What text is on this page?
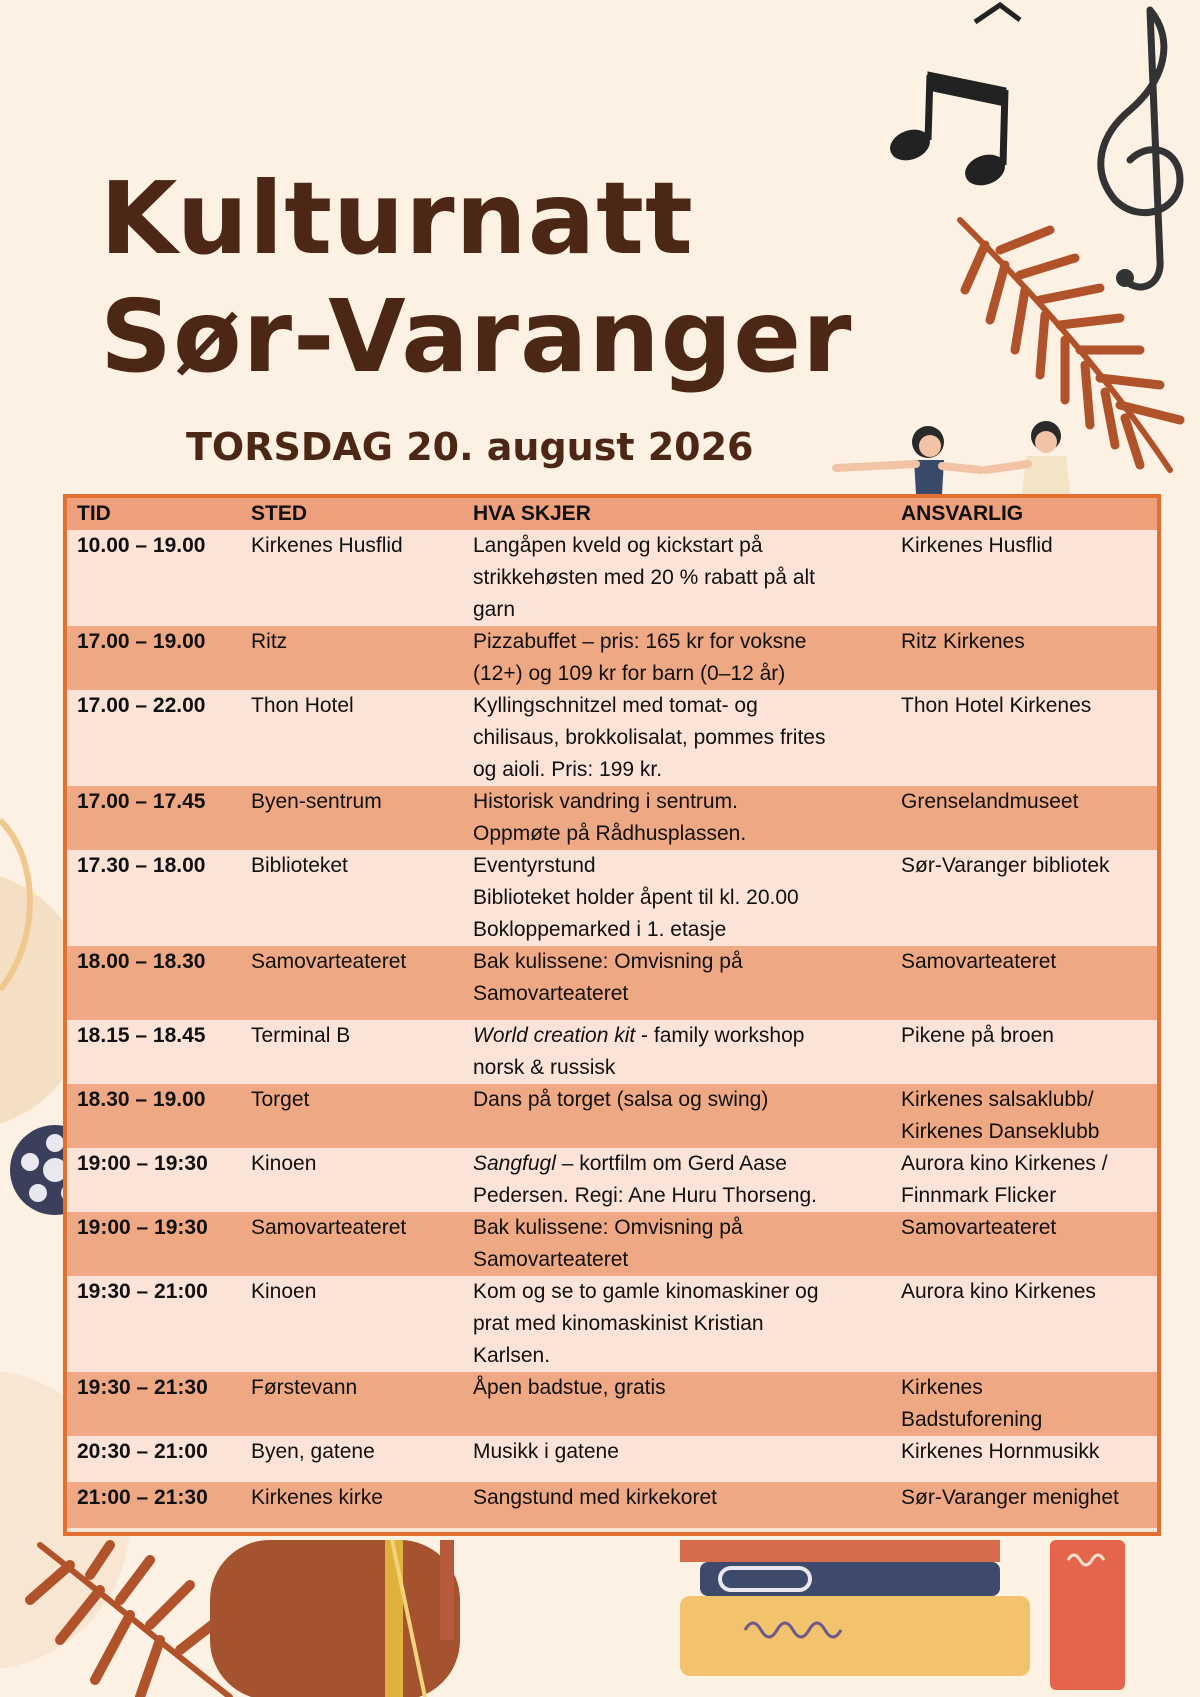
Kulturnatt
Sør-Varanger
TORSDAG 20. august 2026
TID	STED	HVA SKJER	ANSVARLIG
10.00 – 19.00	Kirkenes Husflid	Langåpen kveld og kickstart på
strikkehøsten med 20 % rabatt på alt
garn	Kirkenes Husflid

17.00 – 19.00	Ritz	Pizzabuffet – pris: 165 kr for voksne
(12+) og 109 kr for barn (0–12 år)	Ritz Kirkenes

17.00 – 22.00	Thon Hotel	Kyllingschnitzel med tomat- og
chilisaus, brokkolisalat, pommes frites
og aioli. Pris: 199 kr.	Thon Hotel Kirkenes

17.00 – 17.45	Byen-sentrum	Historisk vandring i sentrum.
Oppmøte på Rådhusplassen.	Grenselandmuseet

17.30 – 18.00	Biblioteket	Eventyrstund
Biblioteket holder åpent til kl. 20.00
Bokloppemarked i 1. etasje	Sør-Varanger bibliotek

18.00 – 18.30	Samovarteateret	Bak kulissene: Omvisning på
Samovarteateret	Samovarteateret

18.15 – 18.45	Terminal B	World creation kit - family workshop
norsk & russisk	Pikene på broen

18.30 – 19.00	Torget	Dans på torget (salsa og swing)	Kirkenes salsaklubb/
Kirkenes Danseklubb

19:00 – 19:30	Kinoen	Sangfugl – kortfilm om Gerd Aase
Pedersen. Regi: Ane Huru Thorseng.	Aurora kino Kirkenes /
Finnmark Flicker

19:00 – 19:30	Samovarteateret	Bak kulissene: Omvisning på
Samovarteateret	Samovarteateret

19:30 – 21:00	Kinoen	Kom og se to gamle kinomaskiner og
prat med kinomaskinist Kristian
Karlsen.	Aurora kino Kirkenes

19:30 – 21:30	Førstevann	Åpen badstue, gratis	Kirkenes
Badstuforening

20:30 – 21:00	Byen, gatene	Musikk i gatene	Kirkenes Hornmusikk

21:00 – 21:30	Kirkenes kirke	Sangstund med kirkekoret	Sør-Varanger menighet
